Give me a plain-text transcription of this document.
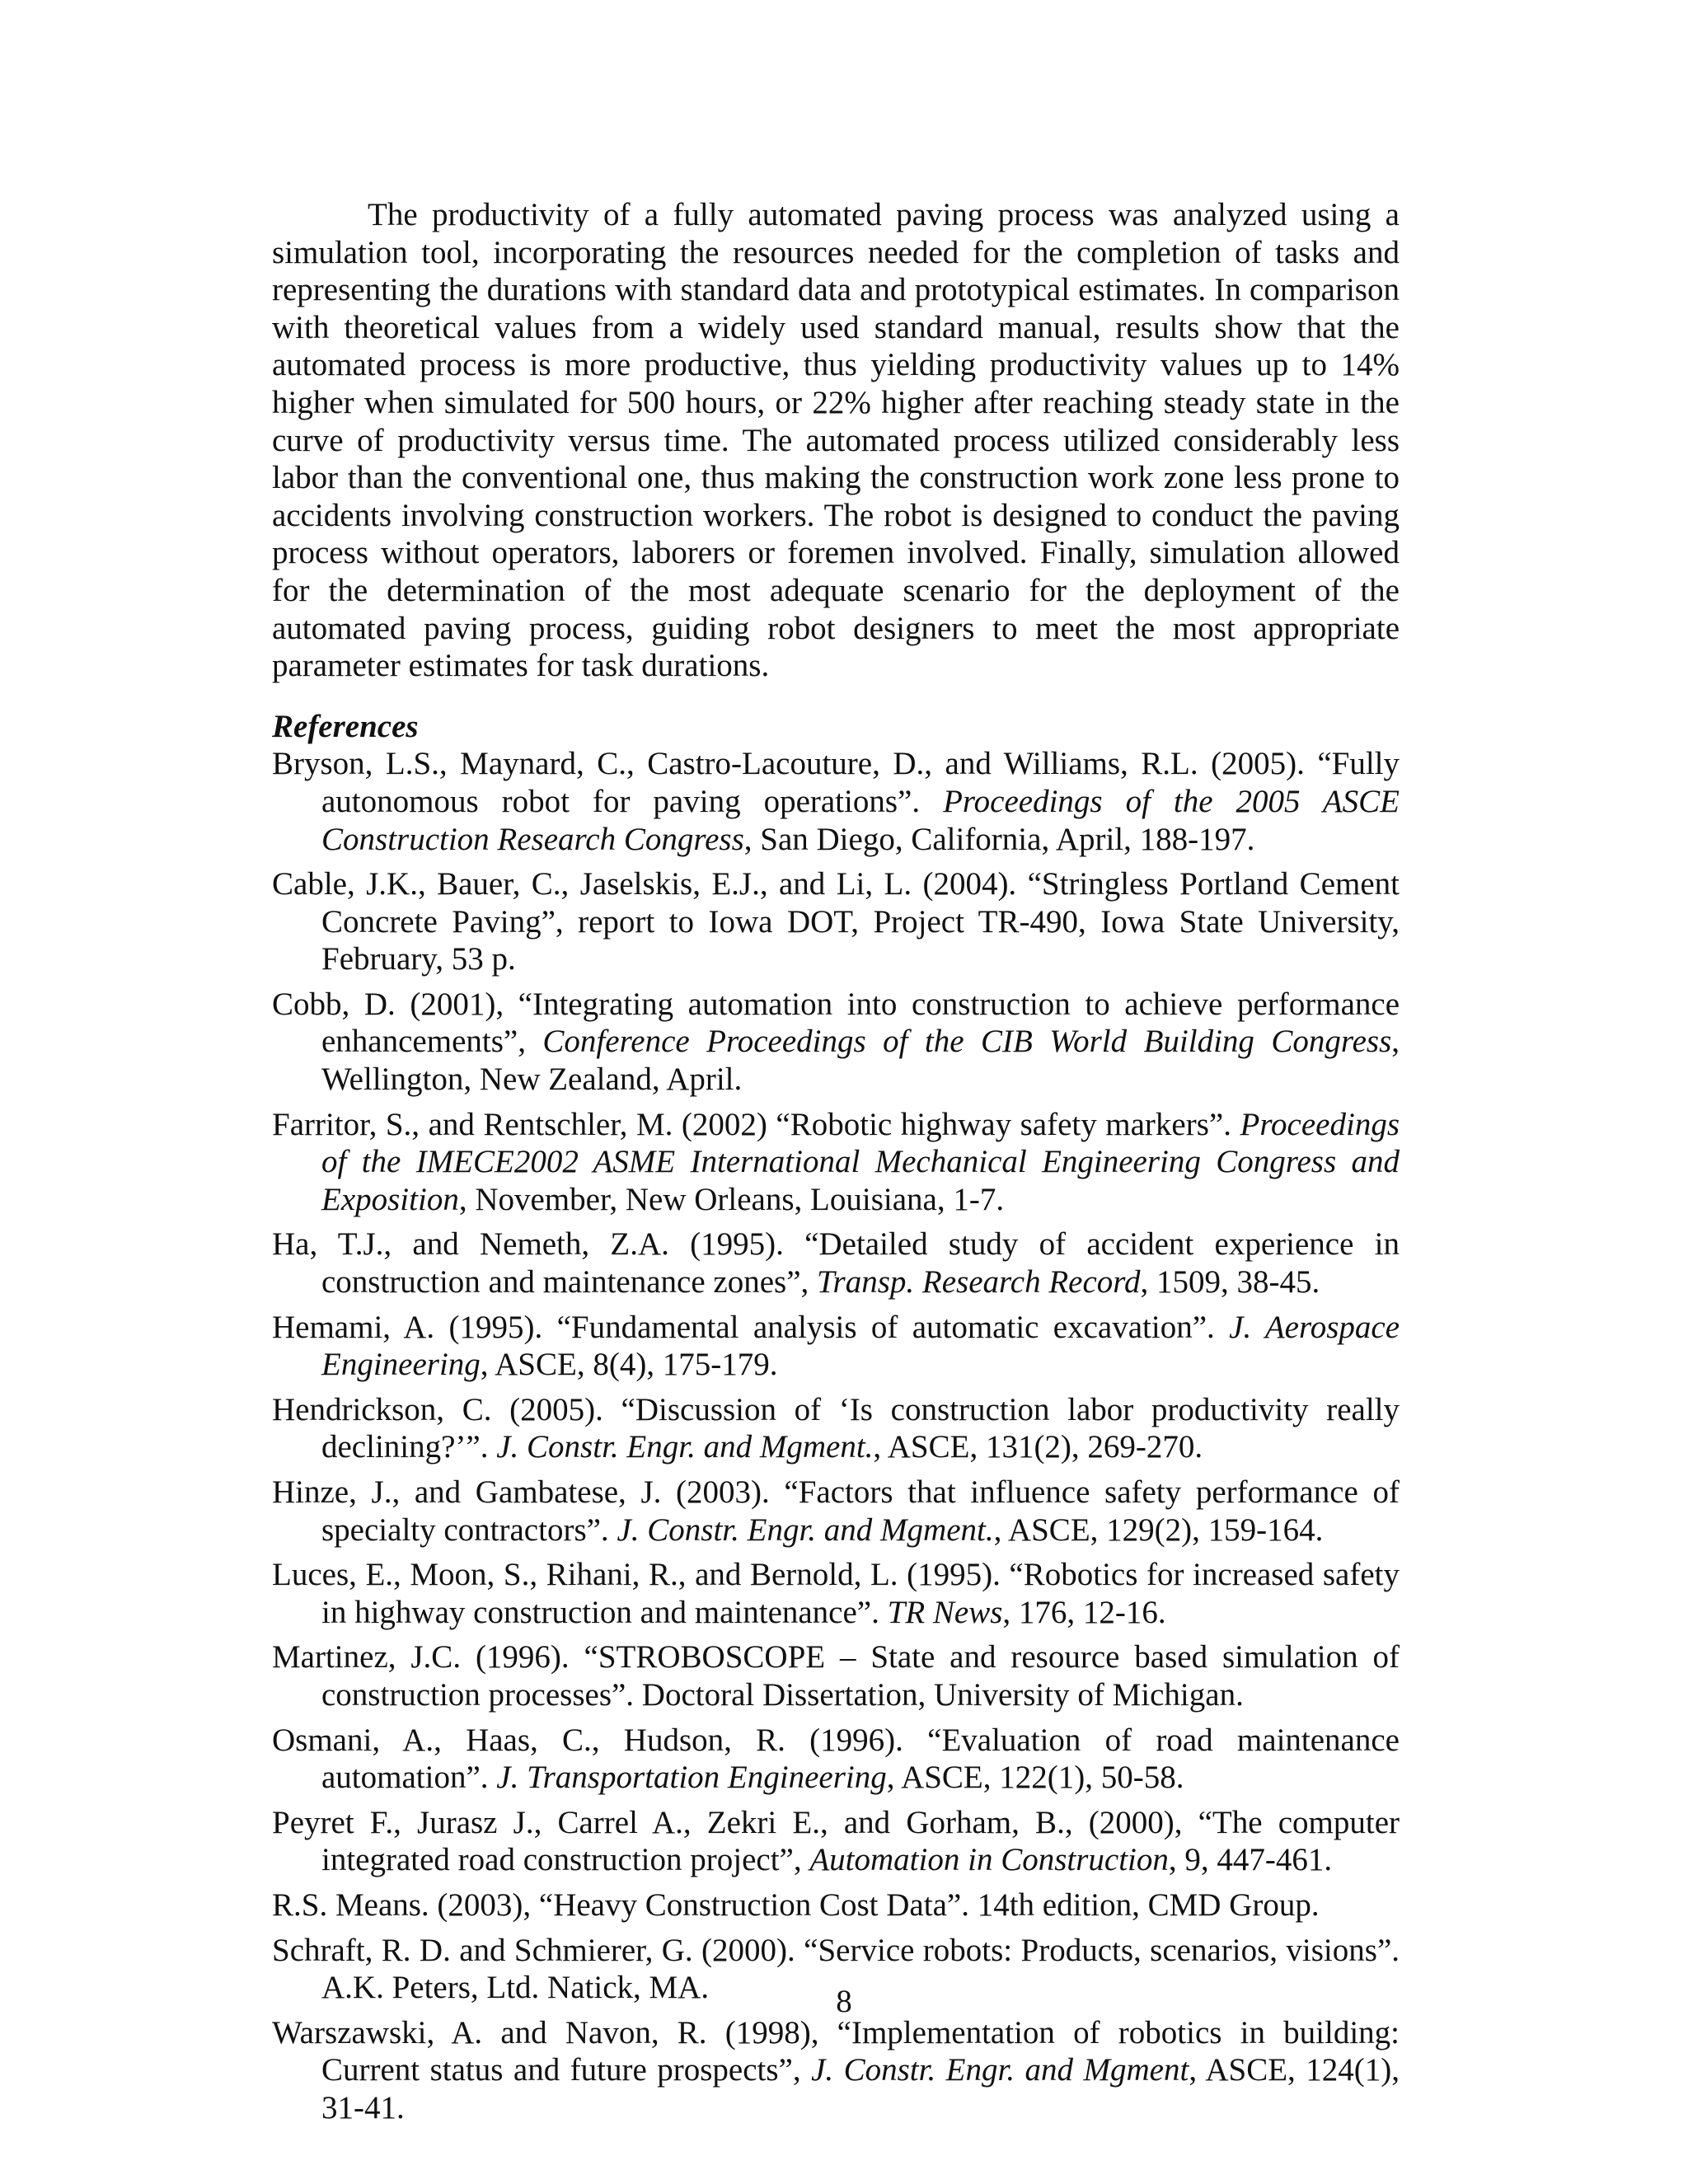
The productivity of a fully automated paving process was analyzed using a simulation tool, incorporating the resources needed for the completion of tasks and representing the durations with standard data and prototypical estimates. In comparison with theoretical values from a widely used standard manual, results show that the automated process is more productive, thus yielding productivity values up to 14% higher when simulated for 500 hours, or 22% higher after reaching steady state in the curve of productivity versus time. The automated process utilized considerably less labor than the conventional one, thus making the construction work zone less prone to accidents involving construction workers. The robot is designed to conduct the paving process without operators, laborers or foremen involved. Finally, simulation allowed for the determination of the most adequate scenario for the deployment of the automated paving process, guiding robot designers to meet the most appropriate parameter estimates for task durations.

References
Bryson, L.S., Maynard, C., Castro-Lacouture, D., and Williams, R.L. (2005). “Fully autonomous robot for paving operations”. Proceedings of the 2005 ASCE Construction Research Congress, San Diego, California, April, 188-197.
Cable, J.K., Bauer, C., Jaselskis, E.J., and Li, L. (2004). “Stringless Portland Cement Concrete Paving”, report to Iowa DOT, Project TR-490, Iowa State University, February, 53 p.
Cobb, D. (2001), “Integrating automation into construction to achieve performance enhancements”, Conference Proceedings of the CIB World Building Congress, Wellington, New Zealand, April.
Farritor, S., and Rentschler, M. (2002) “Robotic highway safety markers”. Proceedings of the IMECE2002 ASME International Mechanical Engineering Congress and Exposition, November, New Orleans, Louisiana, 1-7.
Ha, T.J., and Nemeth, Z.A. (1995). “Detailed study of accident experience in construction and maintenance zones”, Transp. Research Record, 1509, 38-45.
Hemami, A. (1995). “Fundamental analysis of automatic excavation”. J. Aerospace Engineering, ASCE, 8(4), 175-179.
Hendrickson, C. (2005). “Discussion of ‘Is construction labor productivity really declining?’”. J. Constr. Engr. and Mgment., ASCE, 131(2), 269-270.
Hinze, J., and Gambatese, J. (2003). “Factors that influence safety performance of specialty contractors”. J. Constr. Engr. and Mgment., ASCE, 129(2), 159-164.
Luces, E., Moon, S., Rihani, R., and Bernold, L. (1995). “Robotics for increased safety in highway construction and maintenance”. TR News, 176, 12-16.
Martinez, J.C. (1996). “STROBOSCOPE – State and resource based simulation of construction processes”. Doctoral Dissertation, University of Michigan.
Osmani, A., Haas, C., Hudson, R. (1996). “Evaluation of road maintenance automation”. J. Transportation Engineering, ASCE, 122(1), 50-58.
Peyret F., Jurasz J., Carrel A., Zekri E., and Gorham, B., (2000), “The computer integrated road construction project”, Automation in Construction, 9, 447-461.
R.S. Means. (2003), “Heavy Construction Cost Data”. 14th edition, CMD Group.
Schraft, R. D. and Schmierer, G. (2000). “Service robots: Products, scenarios, visions”. A.K. Peters, Ltd. Natick, MA.
Warszawski, A. and Navon, R. (1998), “Implementation of robotics in building: Current status and future prospects”, J. Constr. Engr. and Mgment, ASCE, 124(1), 31-41.
8
